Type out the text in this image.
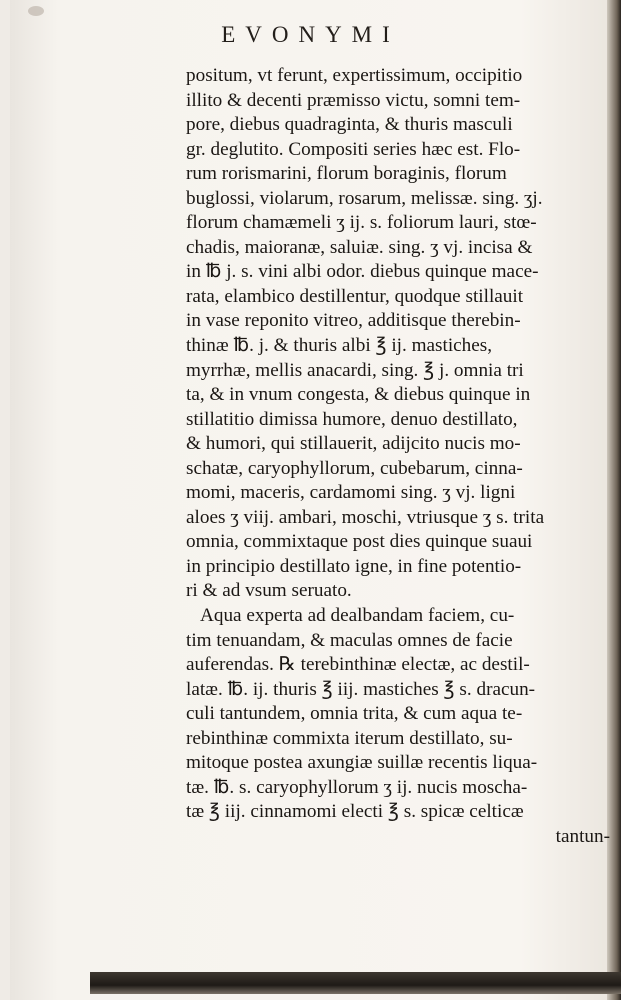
EVONYMI
positum, vt ferunt, expertissimum, occipitio
illito & decenti præmisso victu, somni tem-
pore, diebus quadraginta, & thuris masculi
gr. deglutito. Compositi series hæc est. Flo-
rum rorismarini, florum boraginis, florum
buglossi, violarum, rosarum, melissæ. sing. ʒj.
florum chamæmeli ʒ ij. s. foliorum lauri, stœ-
chadis, maioranæ, saluiæ. sing. ʒ vj. incisa &
in ℔ j. s. vini albi odor. diebus quinque mace-
rata, elambico destillentur, quodque stillauit
in vase reponito vitreo, additisque therebin-
thinæ ℔. j. & thuris albi ℥ ij. mastiches,
myrrhæ, mellis anacardi, sing. ℥ j. omnia tri
ta, & in vnum congesta, & diebus quinque in
stillatitio dimissa humore, denuo destillato,
& humori, qui stillauerit, adijcito nucis mo-
schatæ, caryophyllorum, cubebarum, cinna-
momi, maceris, cardamomi sing. ʒ vj. ligni
aloes ʒ viij. ambari, moschi, vtriusque ʒ s. trita
omnia, commixtaque post dies quinque suaui
in principio destillato igne, in fine potentio-
ri & ad vsum seruato.
Aqua experta ad dealbandam faciem, cu-
tim tenuandam, & maculas omnes de facie
auferendas. ℞ terebinthinæ electæ, ac destil-
latæ. ℔. ij. thuris ℥ iij. mastiches ℥ s. dracun-
culi tantundem, omnia trita, & cum aqua te-
rebinthinæ commixta iterum destillato, su-
mitoque postea axungiæ suillæ recentis liqua-
tæ. ℔. s. caryophyllorum ʒ ij. nucis moscha-
tæ ℥ iij. cinnamomi electi ℥ s. spicæ celticæ
tantun-
